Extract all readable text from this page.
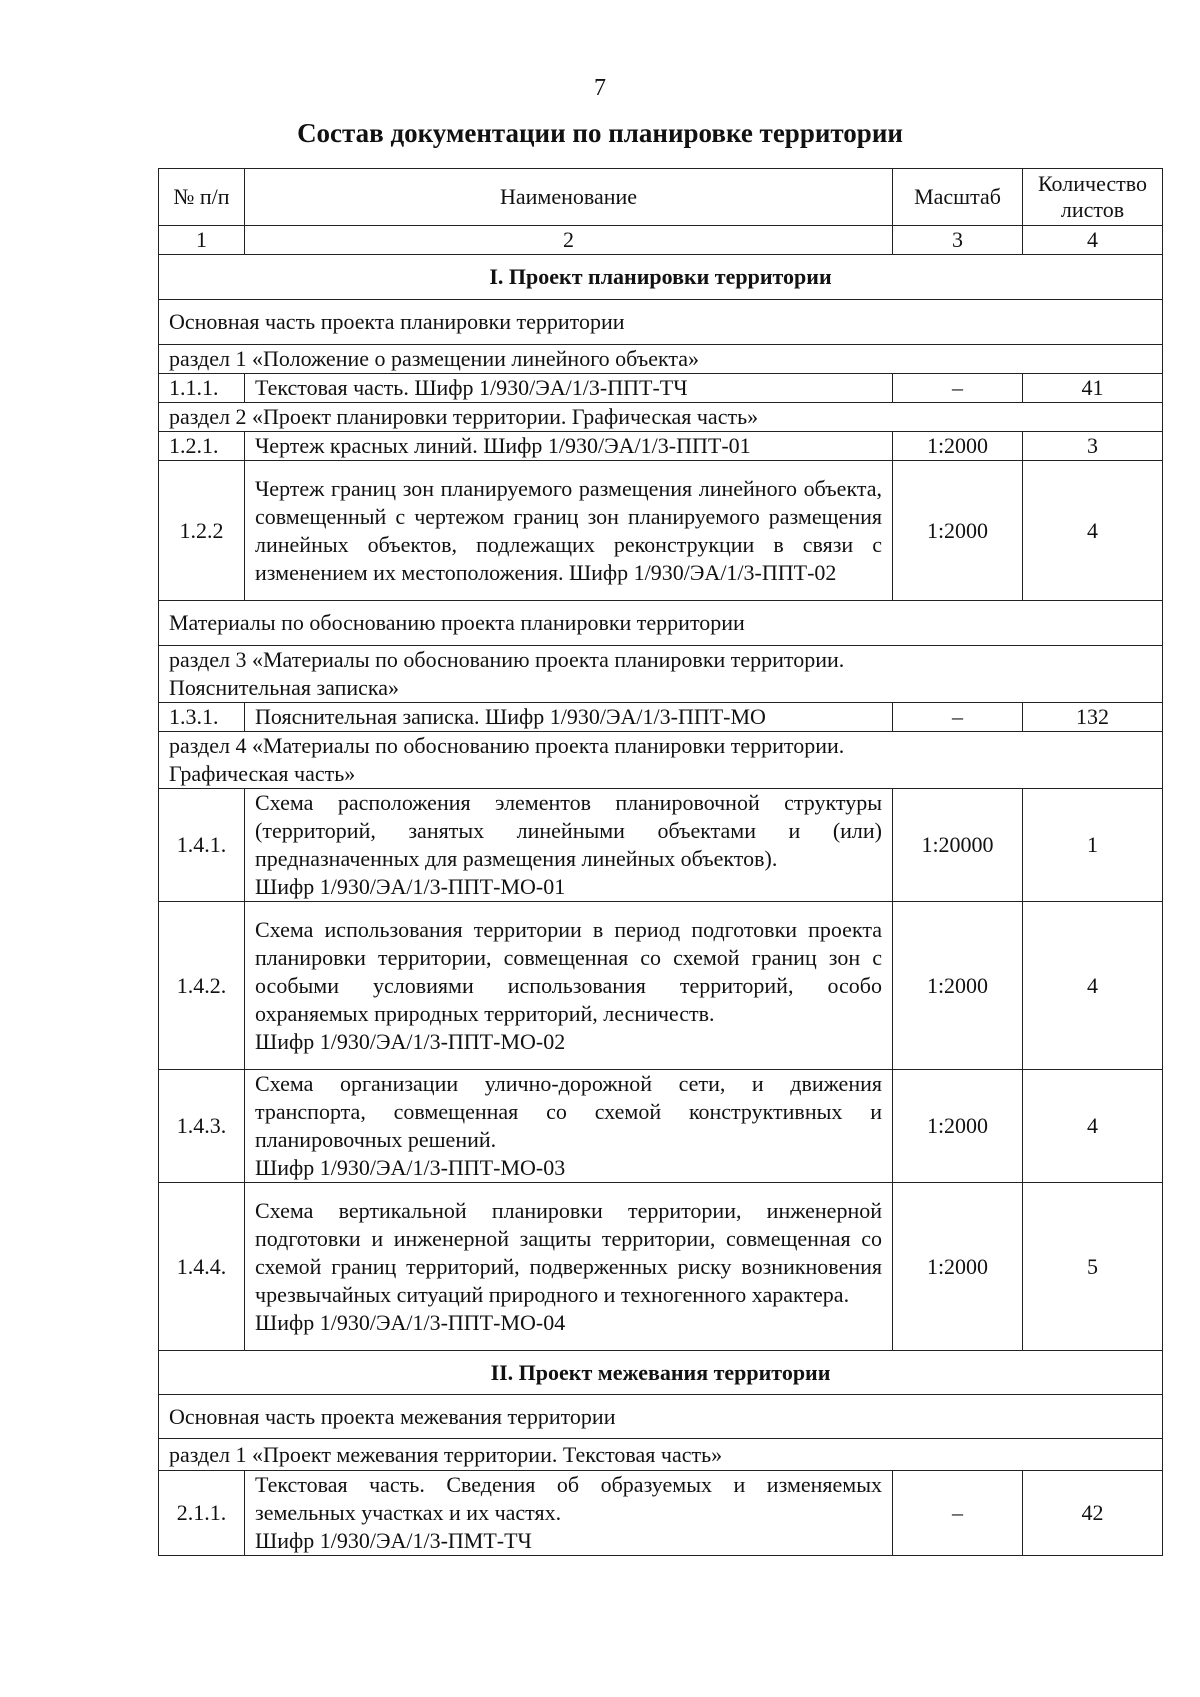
7
Состав документации по планировке территории
№ п/п	Наименование	Масштаб	Количество
листов

1	2	3	4
I. Проект планировки территории			
Основная часть проекта планировки территории			
раздел 1 «Положение о размещении линейного объекта»			
1.1.1.	Текстовая часть. Шифр 1/930/ЭА/1/3-ППТ-ТЧ	–	41
раздел 2 «Проект планировки территории. Графическая часть»			
1.2.1.	Чертеж красных линий. Шифр 1/930/ЭА/1/3-ППТ-01	1:2000	3
1.2.2	Чертеж границ зон планируемого размещения линейного объекта, совмещенный с чертежом границ зон планируемого размещения линейных объектов, подлежащих реконструкции в связи с изменением их местоположения. Шифр 1/930/ЭА/1/3-ППТ-02	1:2000	4
Материалы по обоснованию проекта планировки территории			

раздел 3 «Материалы по обоснованию проекта планировки территории.
Пояснительная записка»			

1.3.1.	Пояснительная записка. Шифр 1/930/ЭА/1/3-ППТ-МО	–	132

раздел 4 «Материалы по обоснованию проекта планировки территории.
Графическая часть»			

1.4.1.	Схема расположения элементов планировочной структуры (территорий, занятых линейными объектами и (или) предназначенных для размещения линейных объектов).
Шифр 1/930/ЭА/1/3-ППТ-МО-01	1:20000	1
1.4.2.	Схема использования территории в период подготовки проекта планировки территории, совмещенная со схемой границ зон с особыми условиями использования территорий, особо охраняемых природных территорий, лесничеств.
Шифр 1/930/ЭА/1/3-ППТ-МО-02	1:2000	4
1.4.3.	Схема организации улично-дорожной сети, и движения транспорта, совмещенная со схемой конструктивных и планировочных решений.
Шифр 1/930/ЭА/1/3-ППТ-МО-03	1:2000	4
1.4.4.	Схема вертикальной планировки территории, инженерной подготовки и инженерной защиты территории, совмещенная со схемой границ территорий, подверженных риску возникновения чрезвычайных ситуаций природного и техногенного характера.
Шифр 1/930/ЭА/1/3-ППТ-МО-04	1:2000	5
II. Проект межевания территории			
Основная часть проекта межевания территории			
раздел 1 «Проект межевания территории. Текстовая часть»			
2.1.1.	Текстовая часть. Сведения об образуемых и изменяемых земельных участках и их частях.
Шифр 1/930/ЭА/1/3-ПМТ-ТЧ	–	42
